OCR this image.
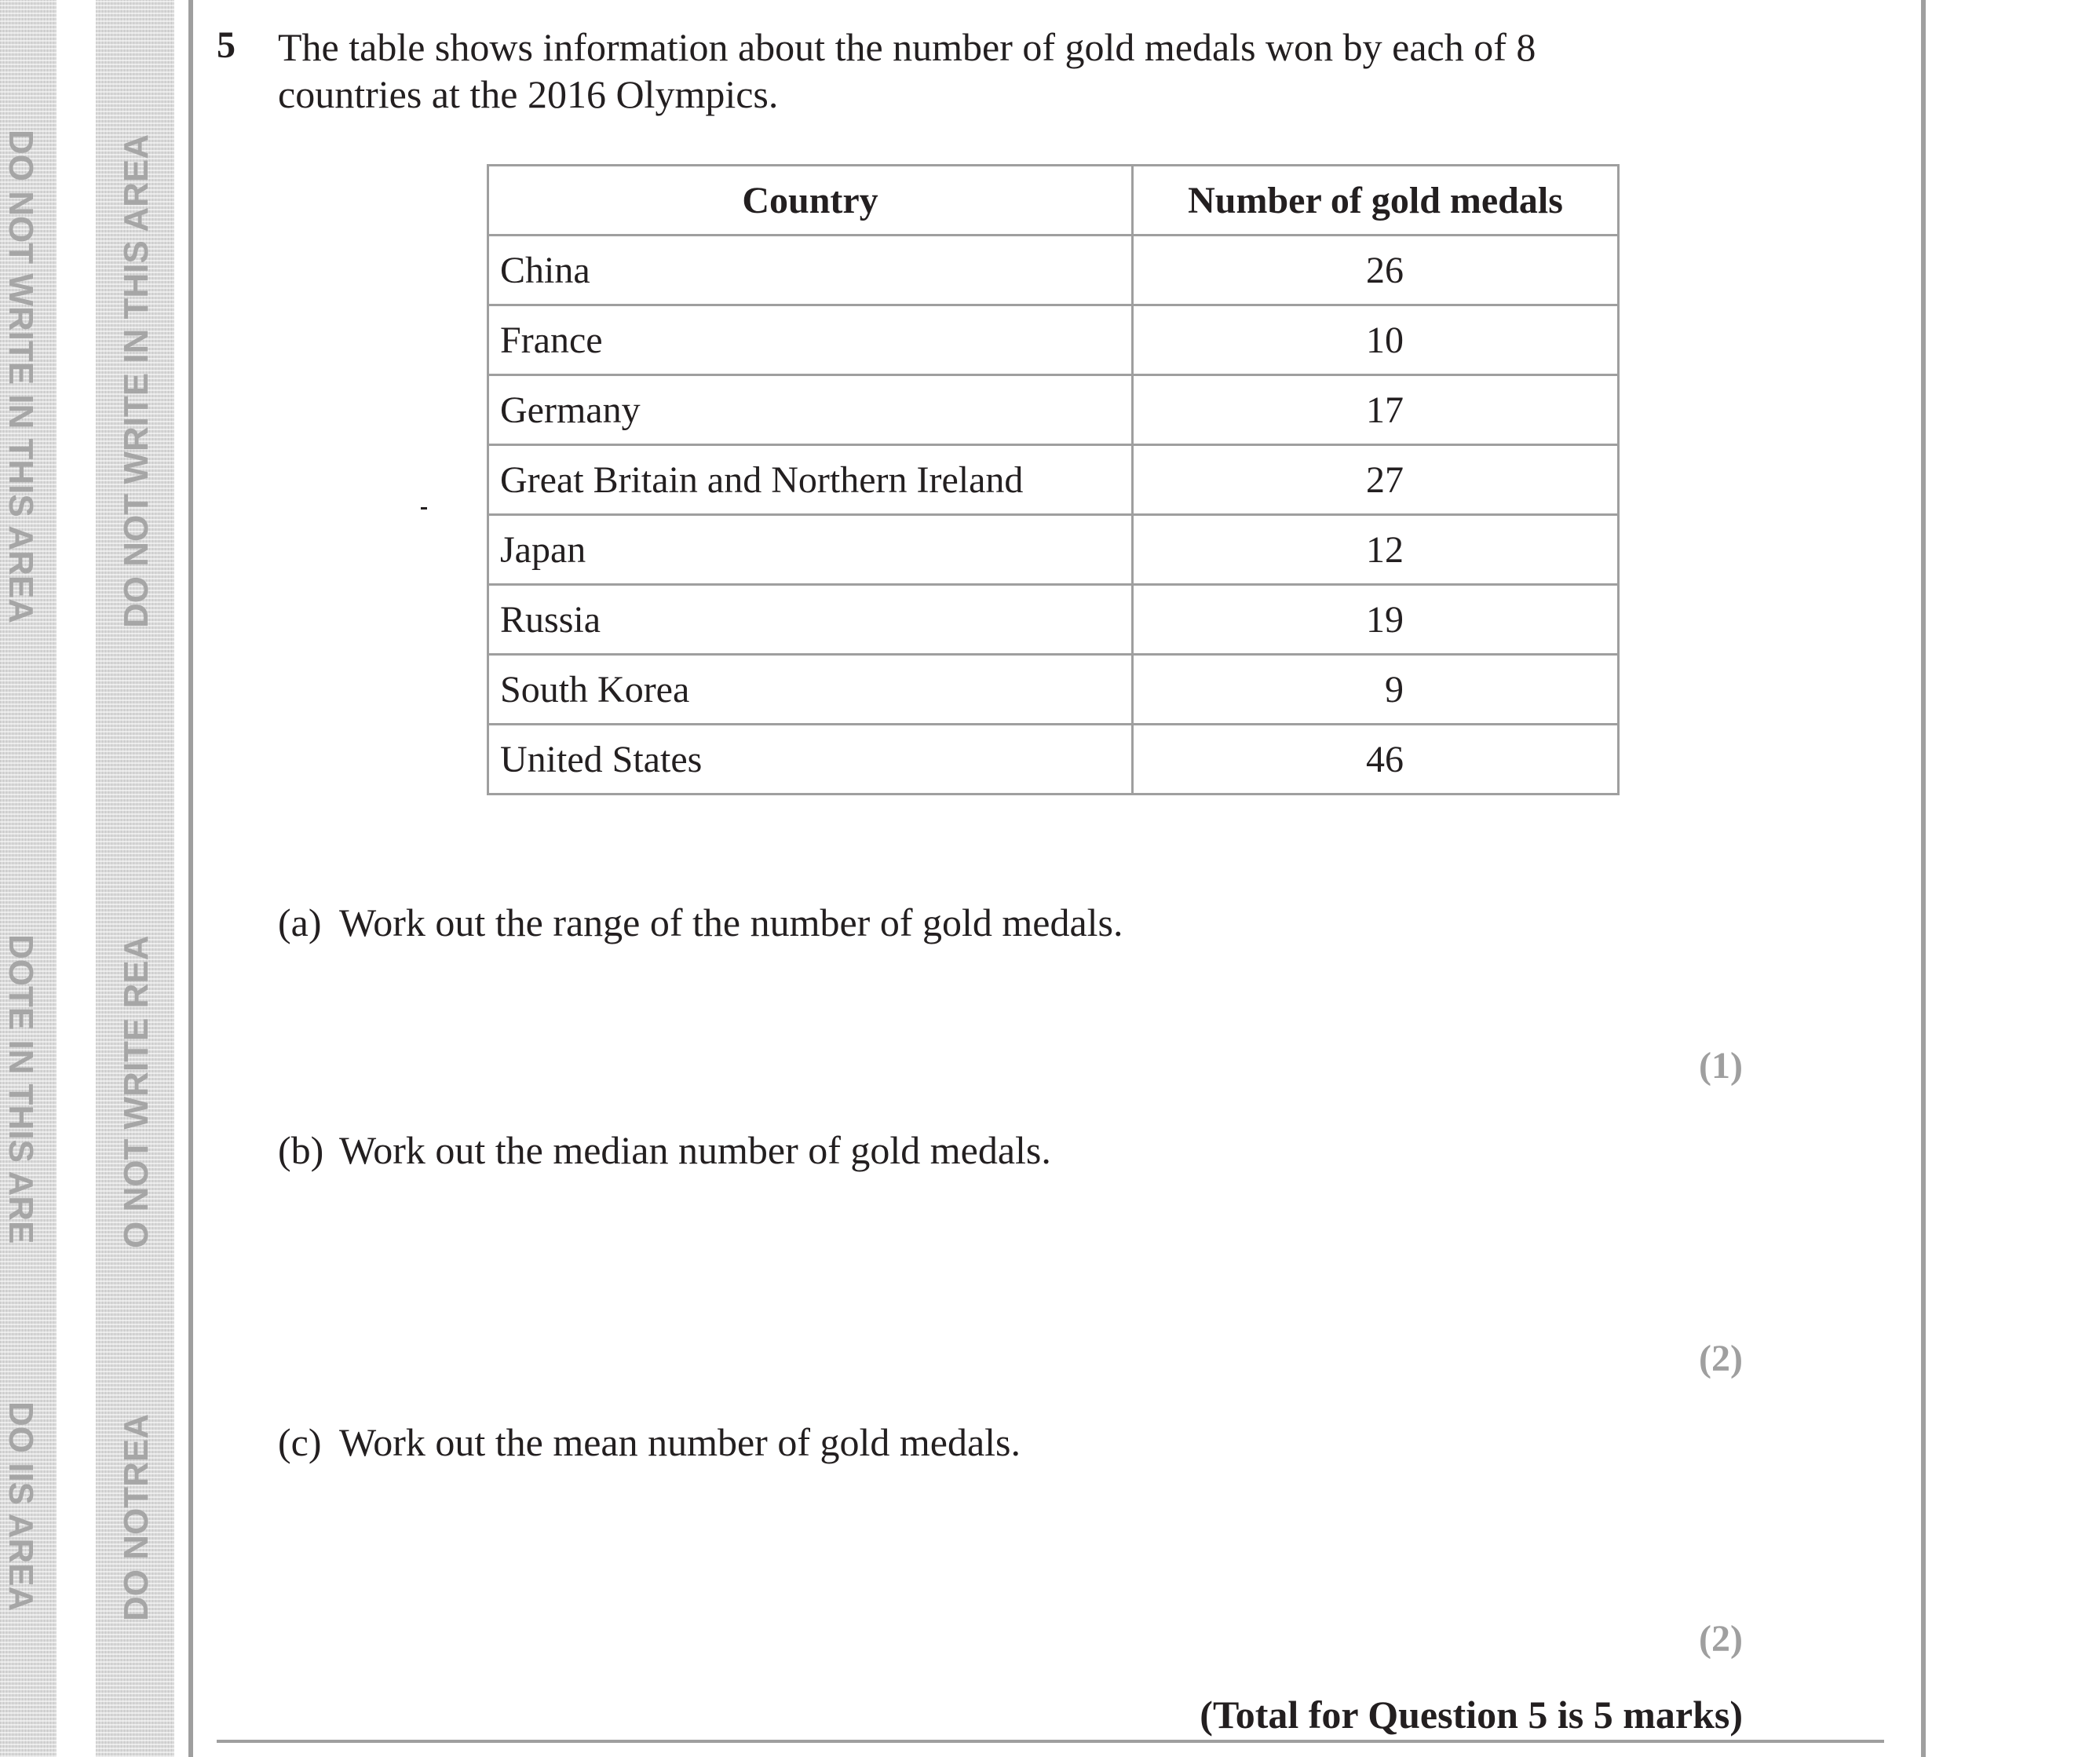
DO NOT WRITE IN THIS AREA
DOTE IN THIS ARE
DO IIS AREA
DO NOT WRITE IN THIS AREA
O NOT WRITE REA
DO NOTREA
5 The table shows information about the number of gold medals won by each of 8 countries at the 2016 Olympics.
Country	Number of gold medals
China	26
France	10
Germany	17
Great Britain and Northern Ireland	27
Japan	12
Russia	19
South Korea	9
United States	46
(a) Work out the range of the number of gold medals.
(1)
(b) Work out the median number of gold medals.
(2)
(c) Work out the mean number of gold medals.
(2)
(Total for Question 5 is 5 marks)
